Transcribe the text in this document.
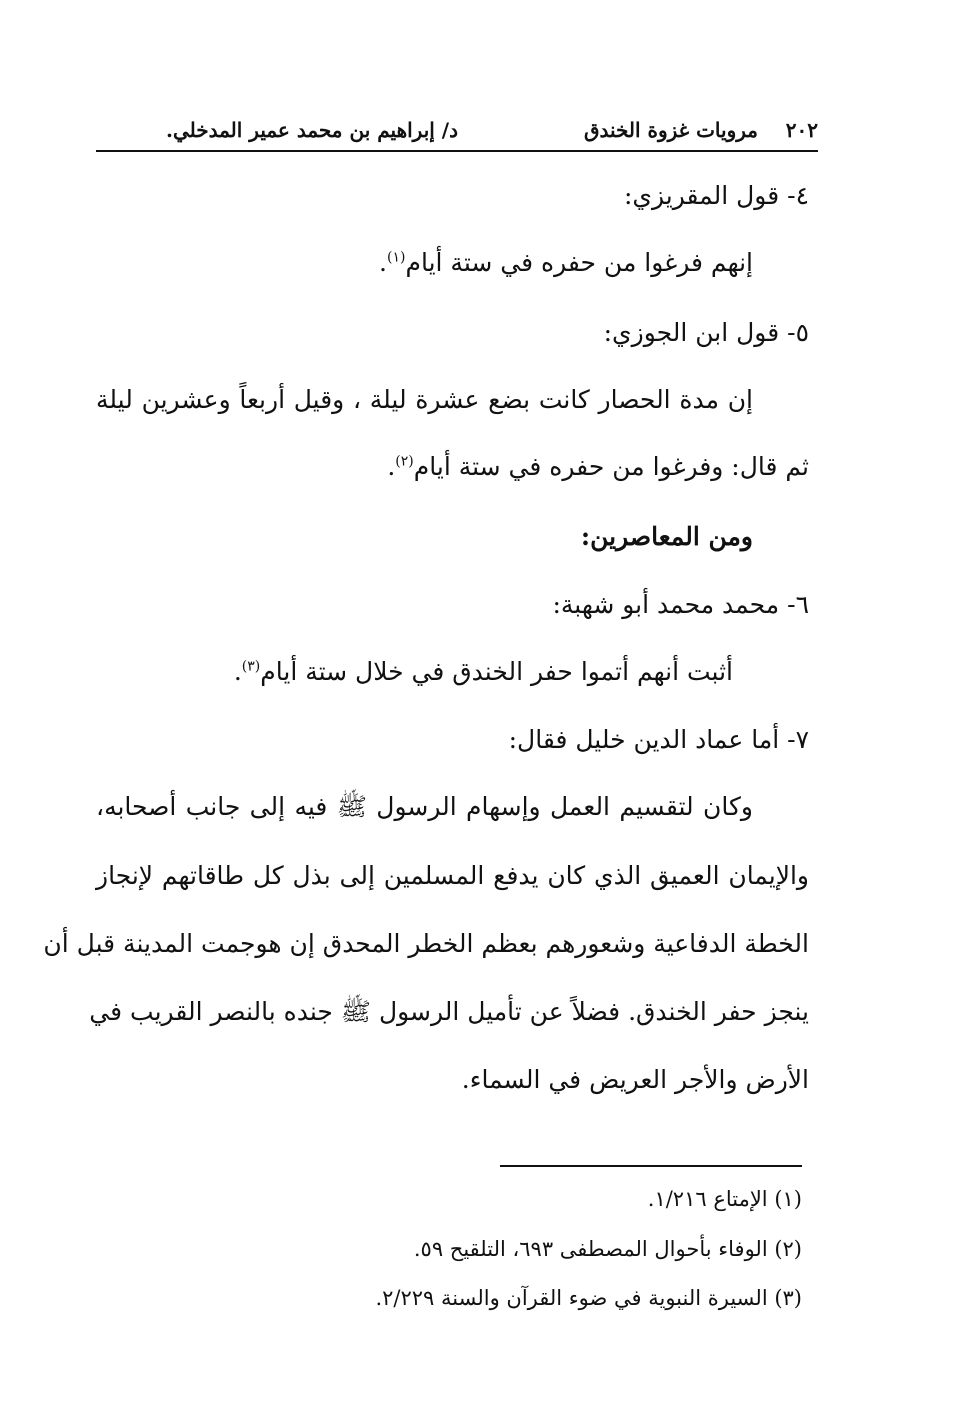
٢٠٢
مرويات غزوة الخندق
د/ إبراهيم بن محمد عمير المدخلي.
٤- قول المقريزي:
إنهم فرغوا من حفره في ستة أيام$^{(١)}$.
٥- قول ابن الجوزي:
إن مدة الحصار كانت بضع عشرة ليلة ، وقيل أربعاً وعشرين ليلة
ثم قال: وفرغوا من حفره في ستة أيام$^{(٢)}$.
ومن المعاصرين:
٦- محمد محمد أبو شهبة:
أثبت أنهم أتموا حفر الخندق في خلال ستة أيام$^{(٣)}$.
٧- أما عماد الدين خليل فقال:
وكان لتقسيم العمل وإسهام الرسول ﷺ فيه إلى جانب أصحابه،
والإيمان العميق الذي كان يدفع المسلمين إلى بذل كل طاقاتهم لإنجاز
الخطة الدفاعية وشعورهم بعظم الخطر المحدق إن هوجمت المدينة قبل أن
ينجز حفر الخندق. فضلاً عن تأميل الرسول ﷺ جنده بالنصر القريب في
الأرض والأجر العريض في السماء.
(١) الإمتاع ١/٢١٦.
(٢) الوفاء بأحوال المصطفى ٦٩٣، التلقيح ٥٩.
(٣) السيرة النبوية في ضوء القرآن والسنة ٢/٢٢٩.
